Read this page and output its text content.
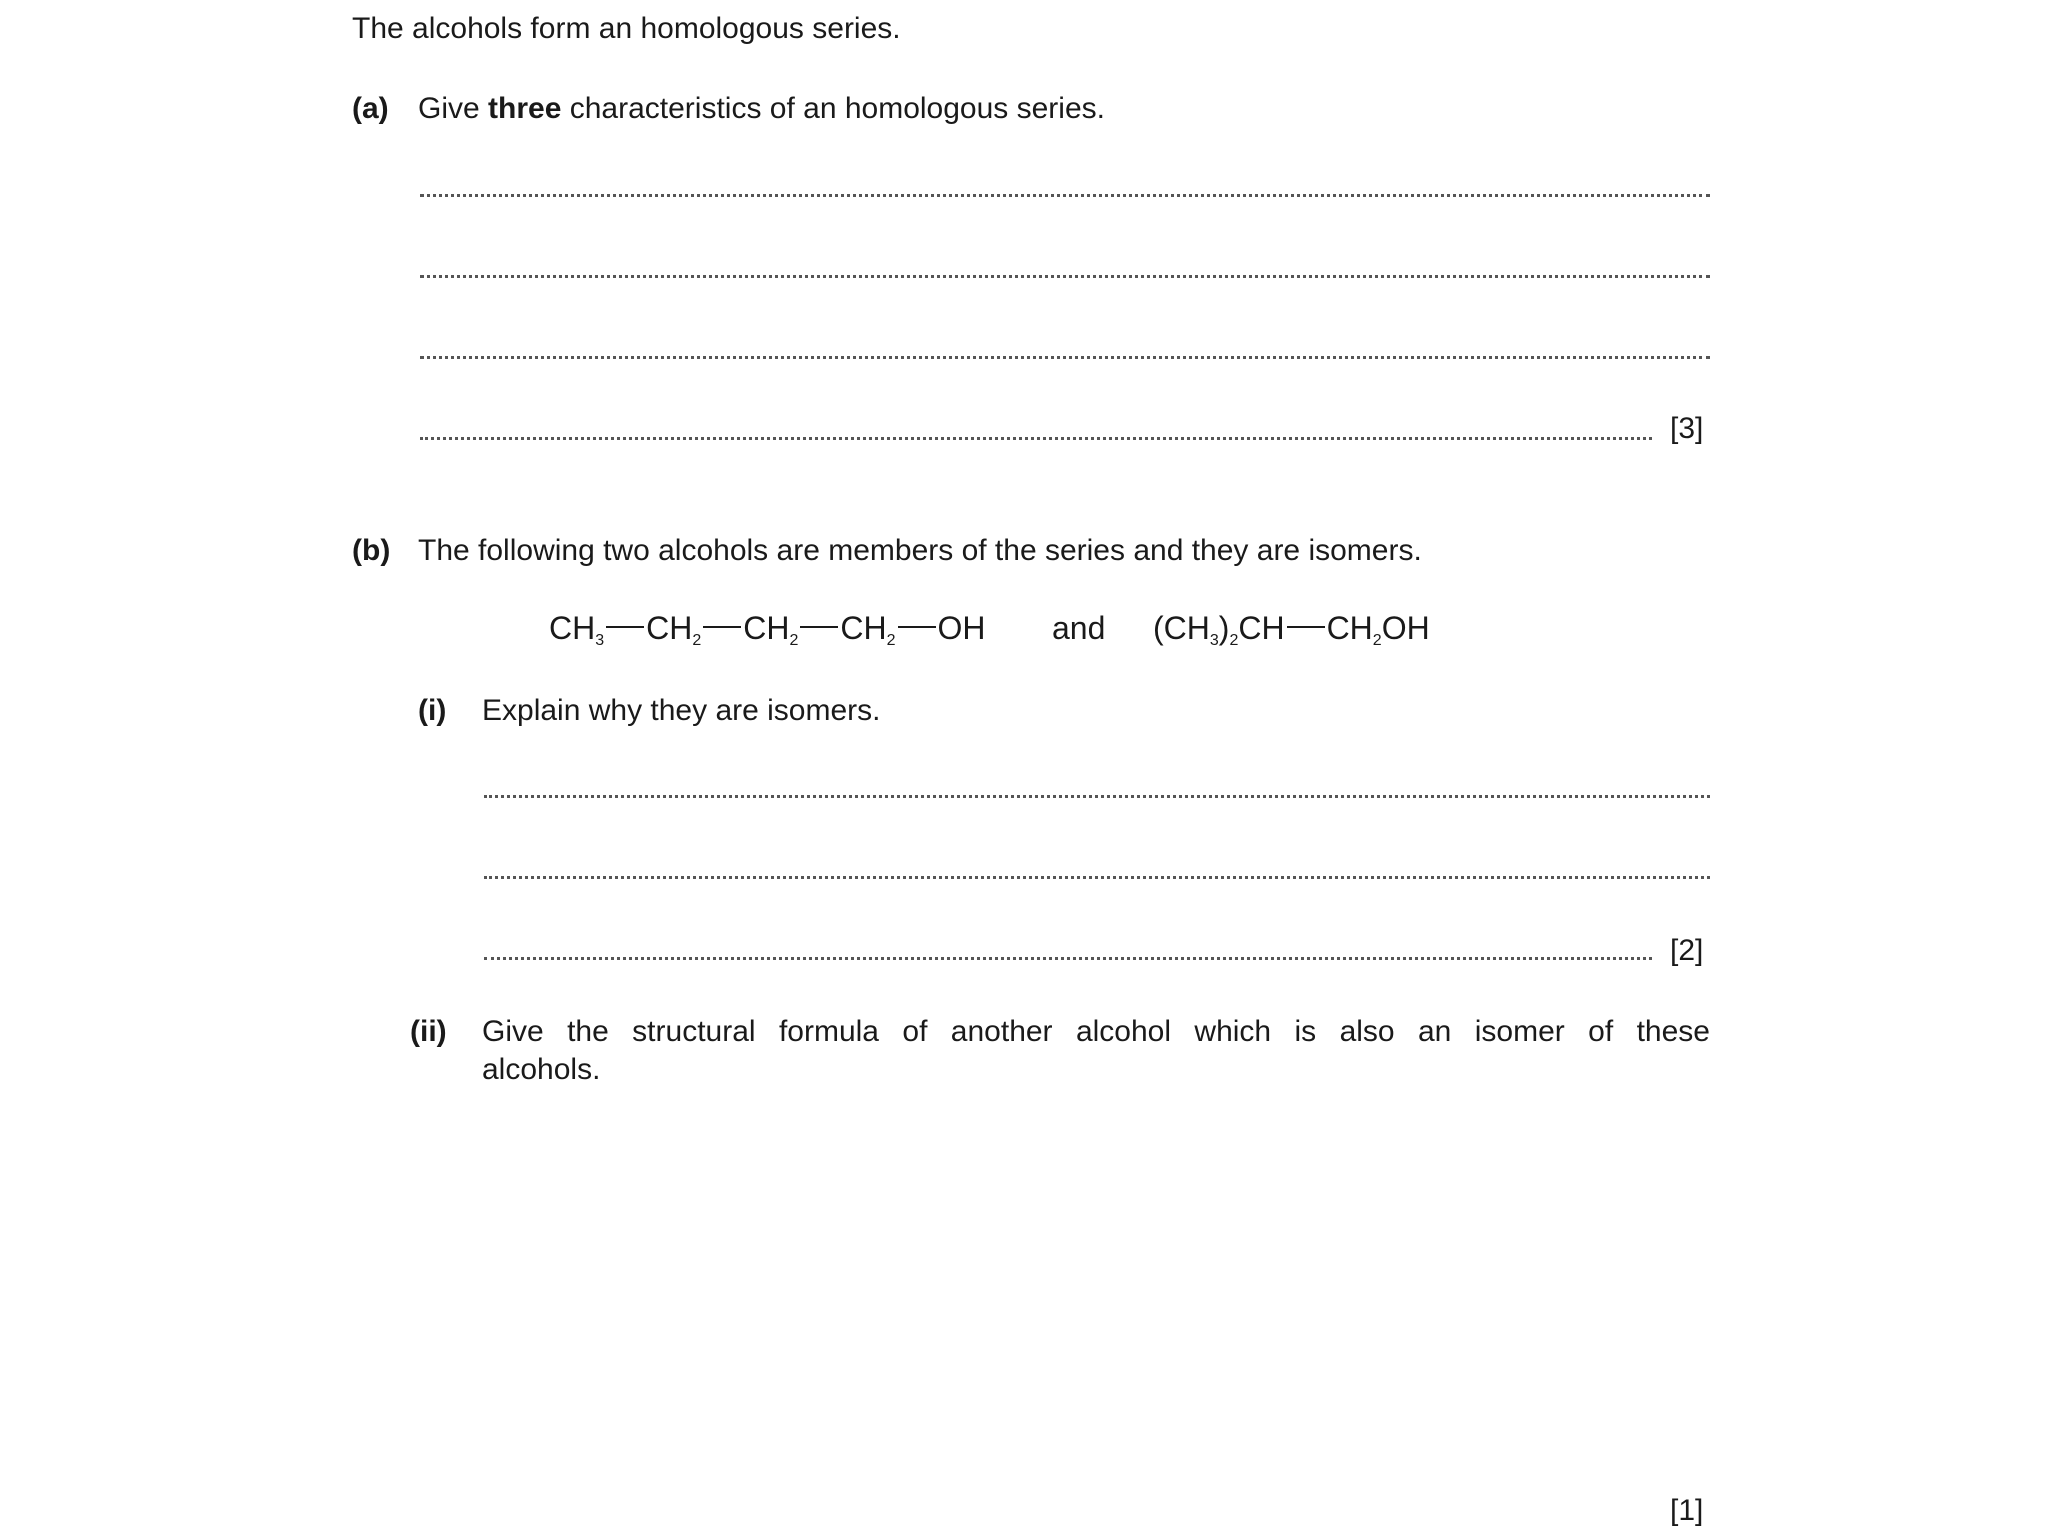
The alcohols form an homologous series.
(a) Give three characteristics of an homologous series.
[3]
(b) The following two alcohols are members of the series and they are isomers.
$CH_3$ $CH_2$ $CH_2$ $CH_2$ OH and $(CH_3)_2CH$ $CH_2OH$
(i) Explain why they are isomers.
[2]
(ii) Give the structural formula of another alcohol which is also an isomer of these
alcohols.
[1]
